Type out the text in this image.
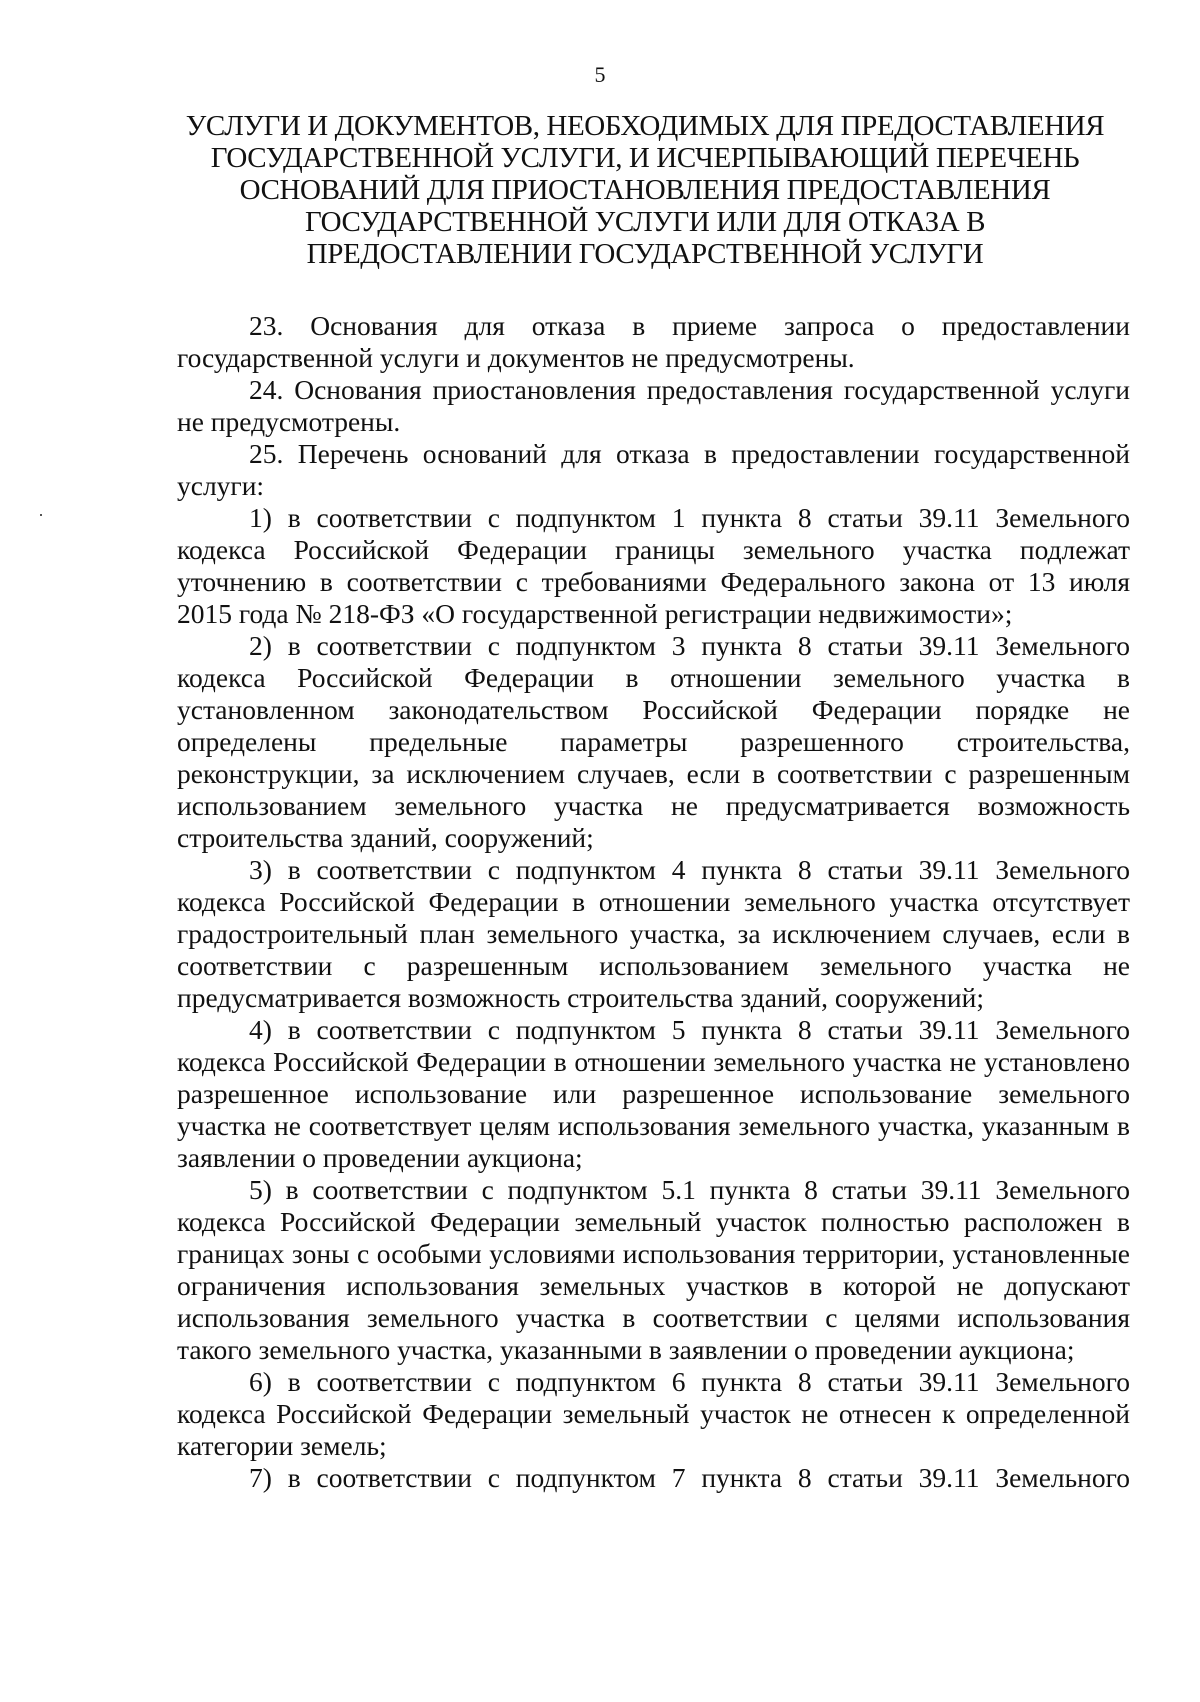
5
УСЛУГИ И ДОКУМЕНТОВ, НЕОБХОДИМЫХ ДЛЯ ПРЕДОСТАВЛЕНИЯ
ГОСУДАРСТВЕННОЙ УСЛУГИ, И ИСЧЕРПЫВАЮЩИЙ ПЕРЕЧЕНЬ
ОСНОВАНИЙ ДЛЯ ПРИОСТАНОВЛЕНИЯ ПРЕДОСТАВЛЕНИЯ
ГОСУДАРСТВЕННОЙ УСЛУГИ ИЛИ ДЛЯ ОТКАЗА В
ПРЕДОСТАВЛЕНИИ ГОСУДАРСТВЕННОЙ УСЛУГИ

23. Основания для отказа в приеме запроса о предоставлении государственной услуги и документов не предусмотрены.

24. Основания приостановления предоставления государственной услуги не предусмотрены.

25. Перечень оснований для отказа в предоставлении государственной услуги:

1) в соответствии с подпунктом 1 пункта 8 статьи 39.11 Земельного кодекса Российской Федерации границы земельного участка подлежат уточнению в соответствии с требованиями Федерального закона от 13 июля 2015 года № 218-ФЗ «О государственной регистрации недвижимости»;

2) в соответствии с подпунктом 3 пункта 8 статьи 39.11 Земельного кодекса Российской Федерации в отношении земельного участка в установленном законодательством Российской Федерации порядке не определены предельные параметры разрешенного строительства, реконструкции, за исключением случаев, если в соответствии с разрешенным использованием земельного участка не предусматривается возможность строительства зданий, сооружений;

3) в соответствии с подпунктом 4 пункта 8 статьи 39.11 Земельного кодекса Российской Федерации в отношении земельного участка отсутствует градостроительный план земельного участка, за исключением случаев, если в соответствии с разрешенным использованием земельного участка не предусматривается возможность строительства зданий, сооружений;

4) в соответствии с подпунктом 5 пункта 8 статьи 39.11 Земельного кодекса Российской Федерации в отношении земельного участка не установлено разрешенное использование или разрешенное использование земельного участка не соответствует целям использования земельного участка, указанным в заявлении о проведении аукциона;

5) в соответствии с подпунктом 5.1 пункта 8 статьи 39.11 Земельного кодекса Российской Федерации земельный участок полностью расположен в границах зоны с особыми условиями использования территории, установленные ограничения использования земельных участков в которой не допускают использования земельного участка в соответствии с целями использования такого земельного участка, указанными в заявлении о проведении аукциона;

6) в соответствии с подпунктом 6 пункта 8 статьи 39.11 Земельного кодекса Российской Федерации земельный участок не отнесен к определенной категории земель;

7) в соответствии с подпунктом 7 пункта 8 статьи 39.11 Земельного
